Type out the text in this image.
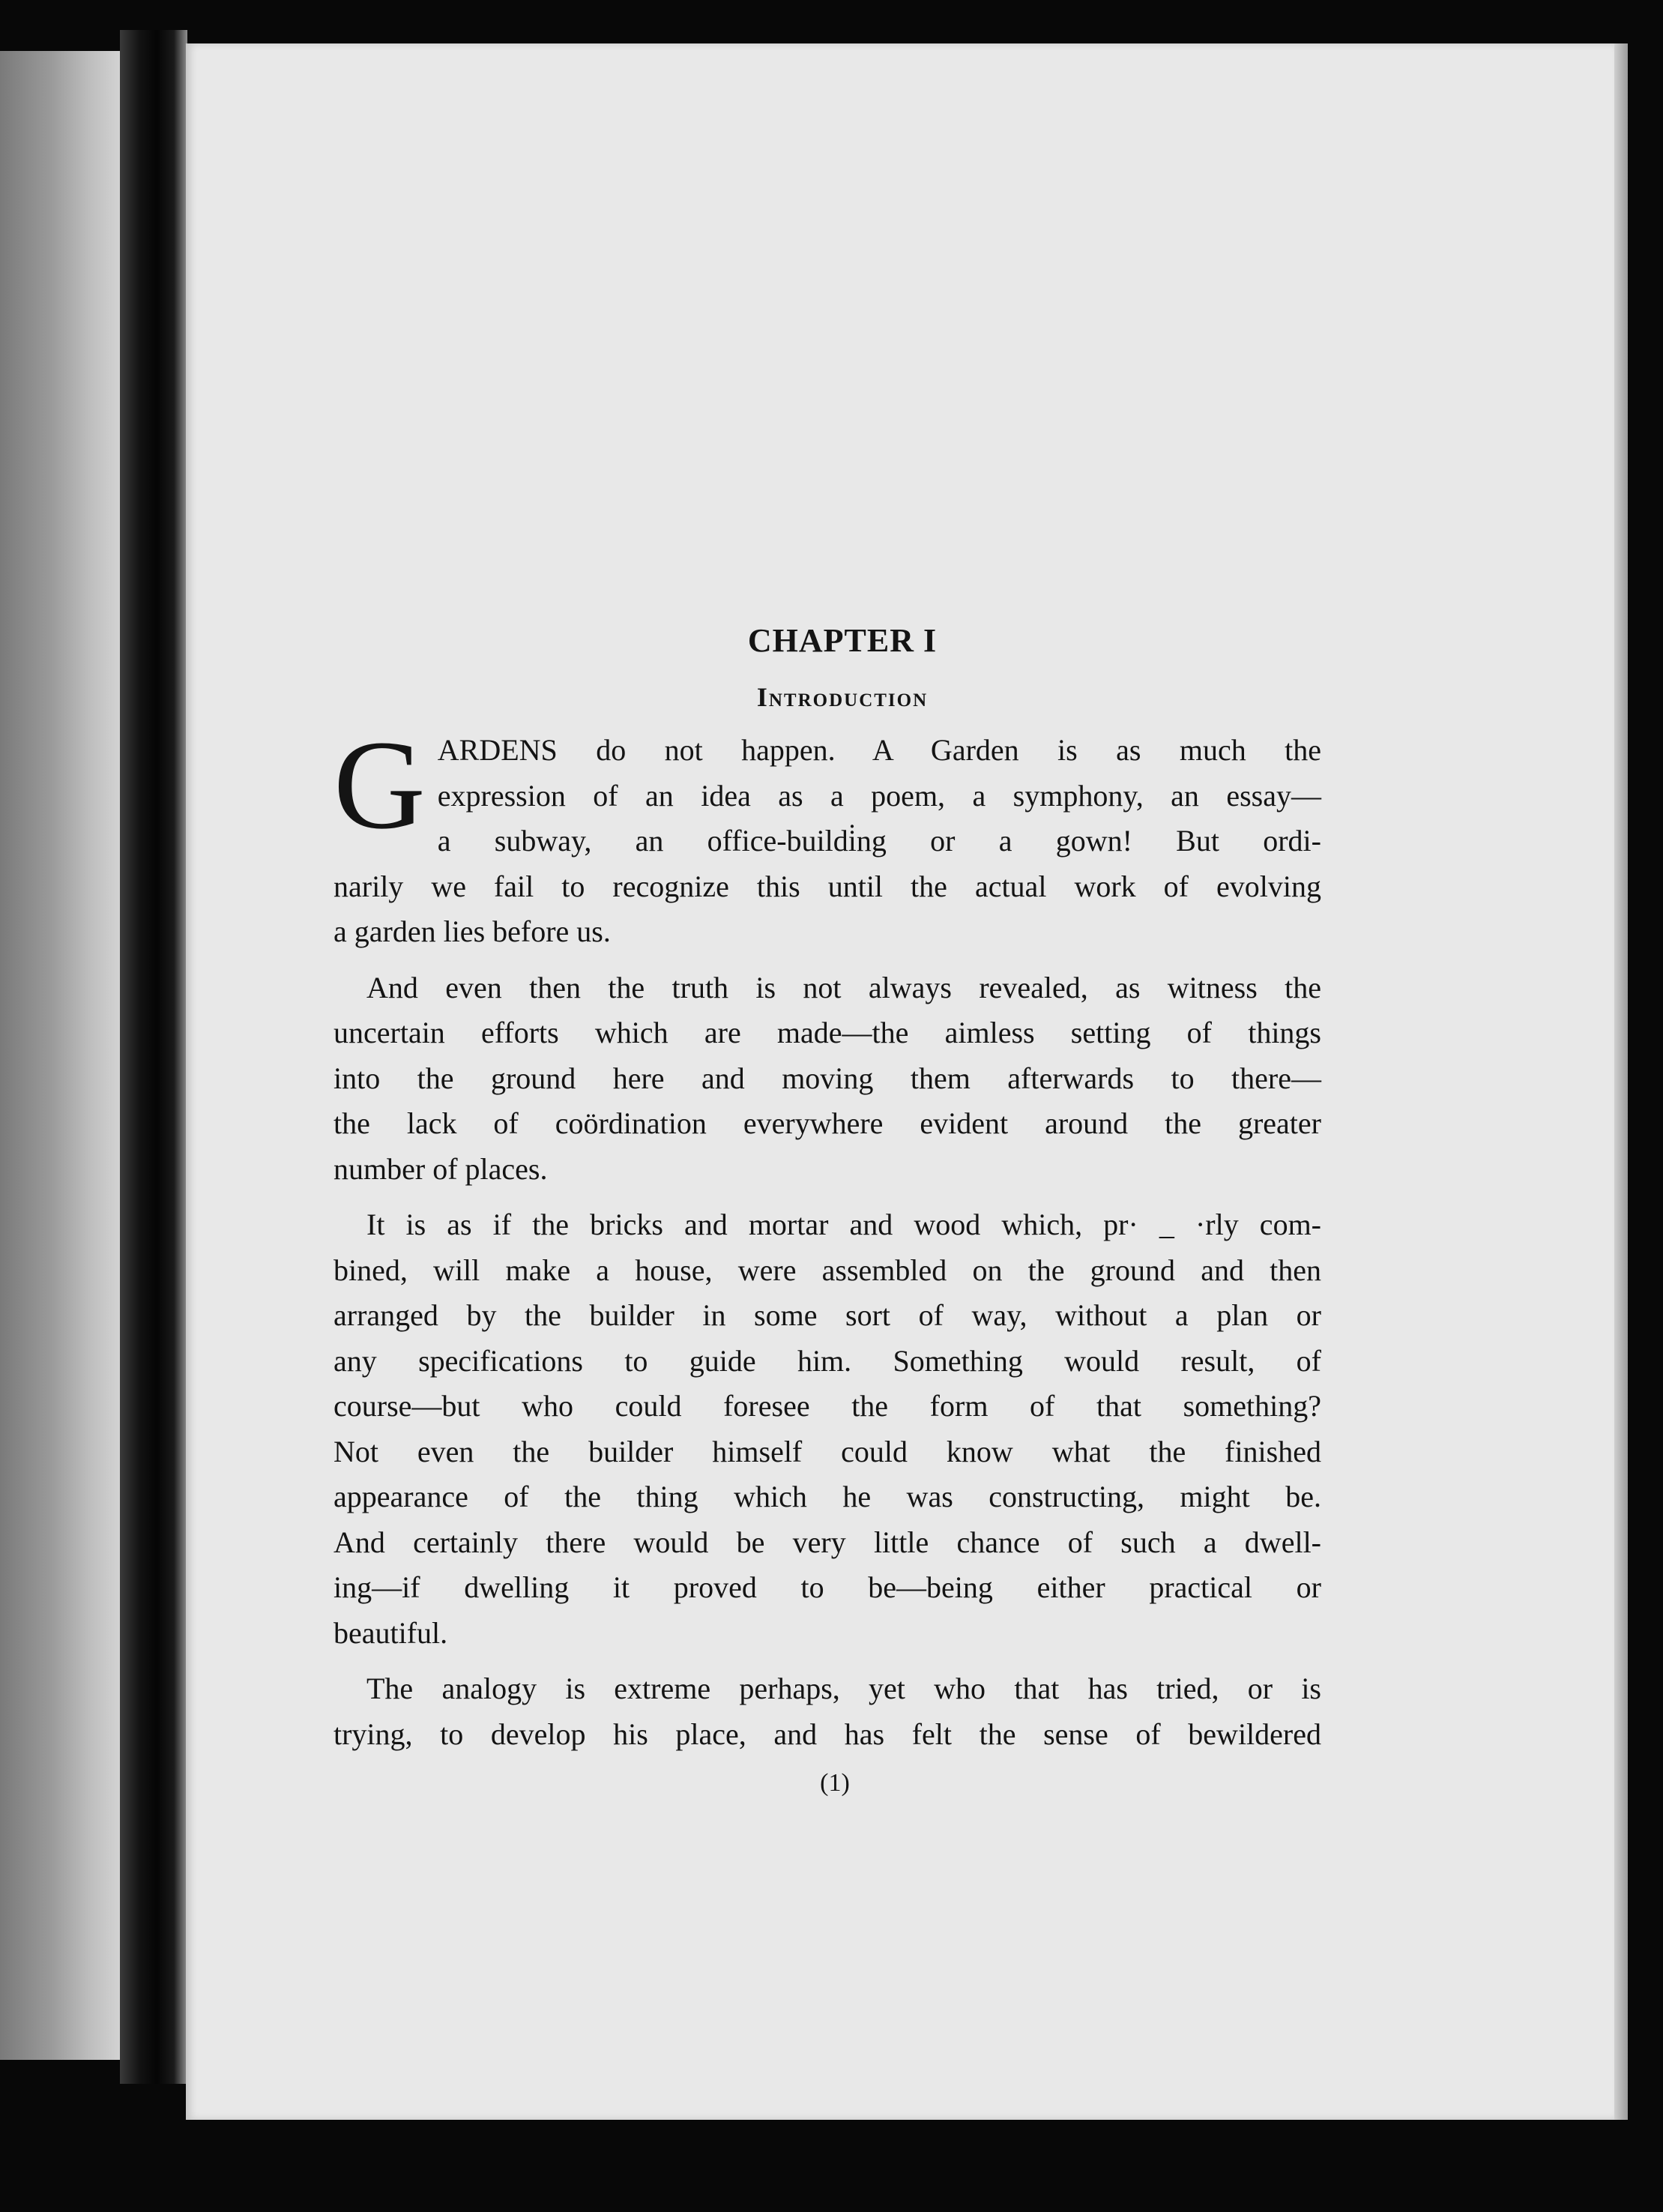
CHAPTER I
Introduction
G ARDENS do not happen. A Garden is as much the
expression of an idea as a poem, a symphony, an essay—
a subway, an office-buildi̇ng or a gown! But ordi-
narily we fail to recognize this until the actual work of evolving
a garden lies before us.
And even then the truth is not always revealed, as witness the
uncertain efforts which are made—the aimless setting of things
into the ground here and moving them afterwards to there—
the lack of coördination everywhere evident around the greater
number of places.
It is as if the bricks and mortar and wood which, pr· _ ·rly com-
bined, will make a house, were assembled on the ground and then
arranged by the builder in some sort of way, without a plan or
any specifications to guide him. Something would result, of
course—but who could foresee the form of that something?
Not even the builder himself could know what the finished
appearance of the thing which he was constructing, might be.
And certainly there would be very little chance of such a dwell-
ing—if dwelling it proved to be—being either practical or
beautiful.
The analogy is extreme perhaps, yet who that has tried, or is
trying, to develop his place, and has felt the sense of bewildered
(1)
